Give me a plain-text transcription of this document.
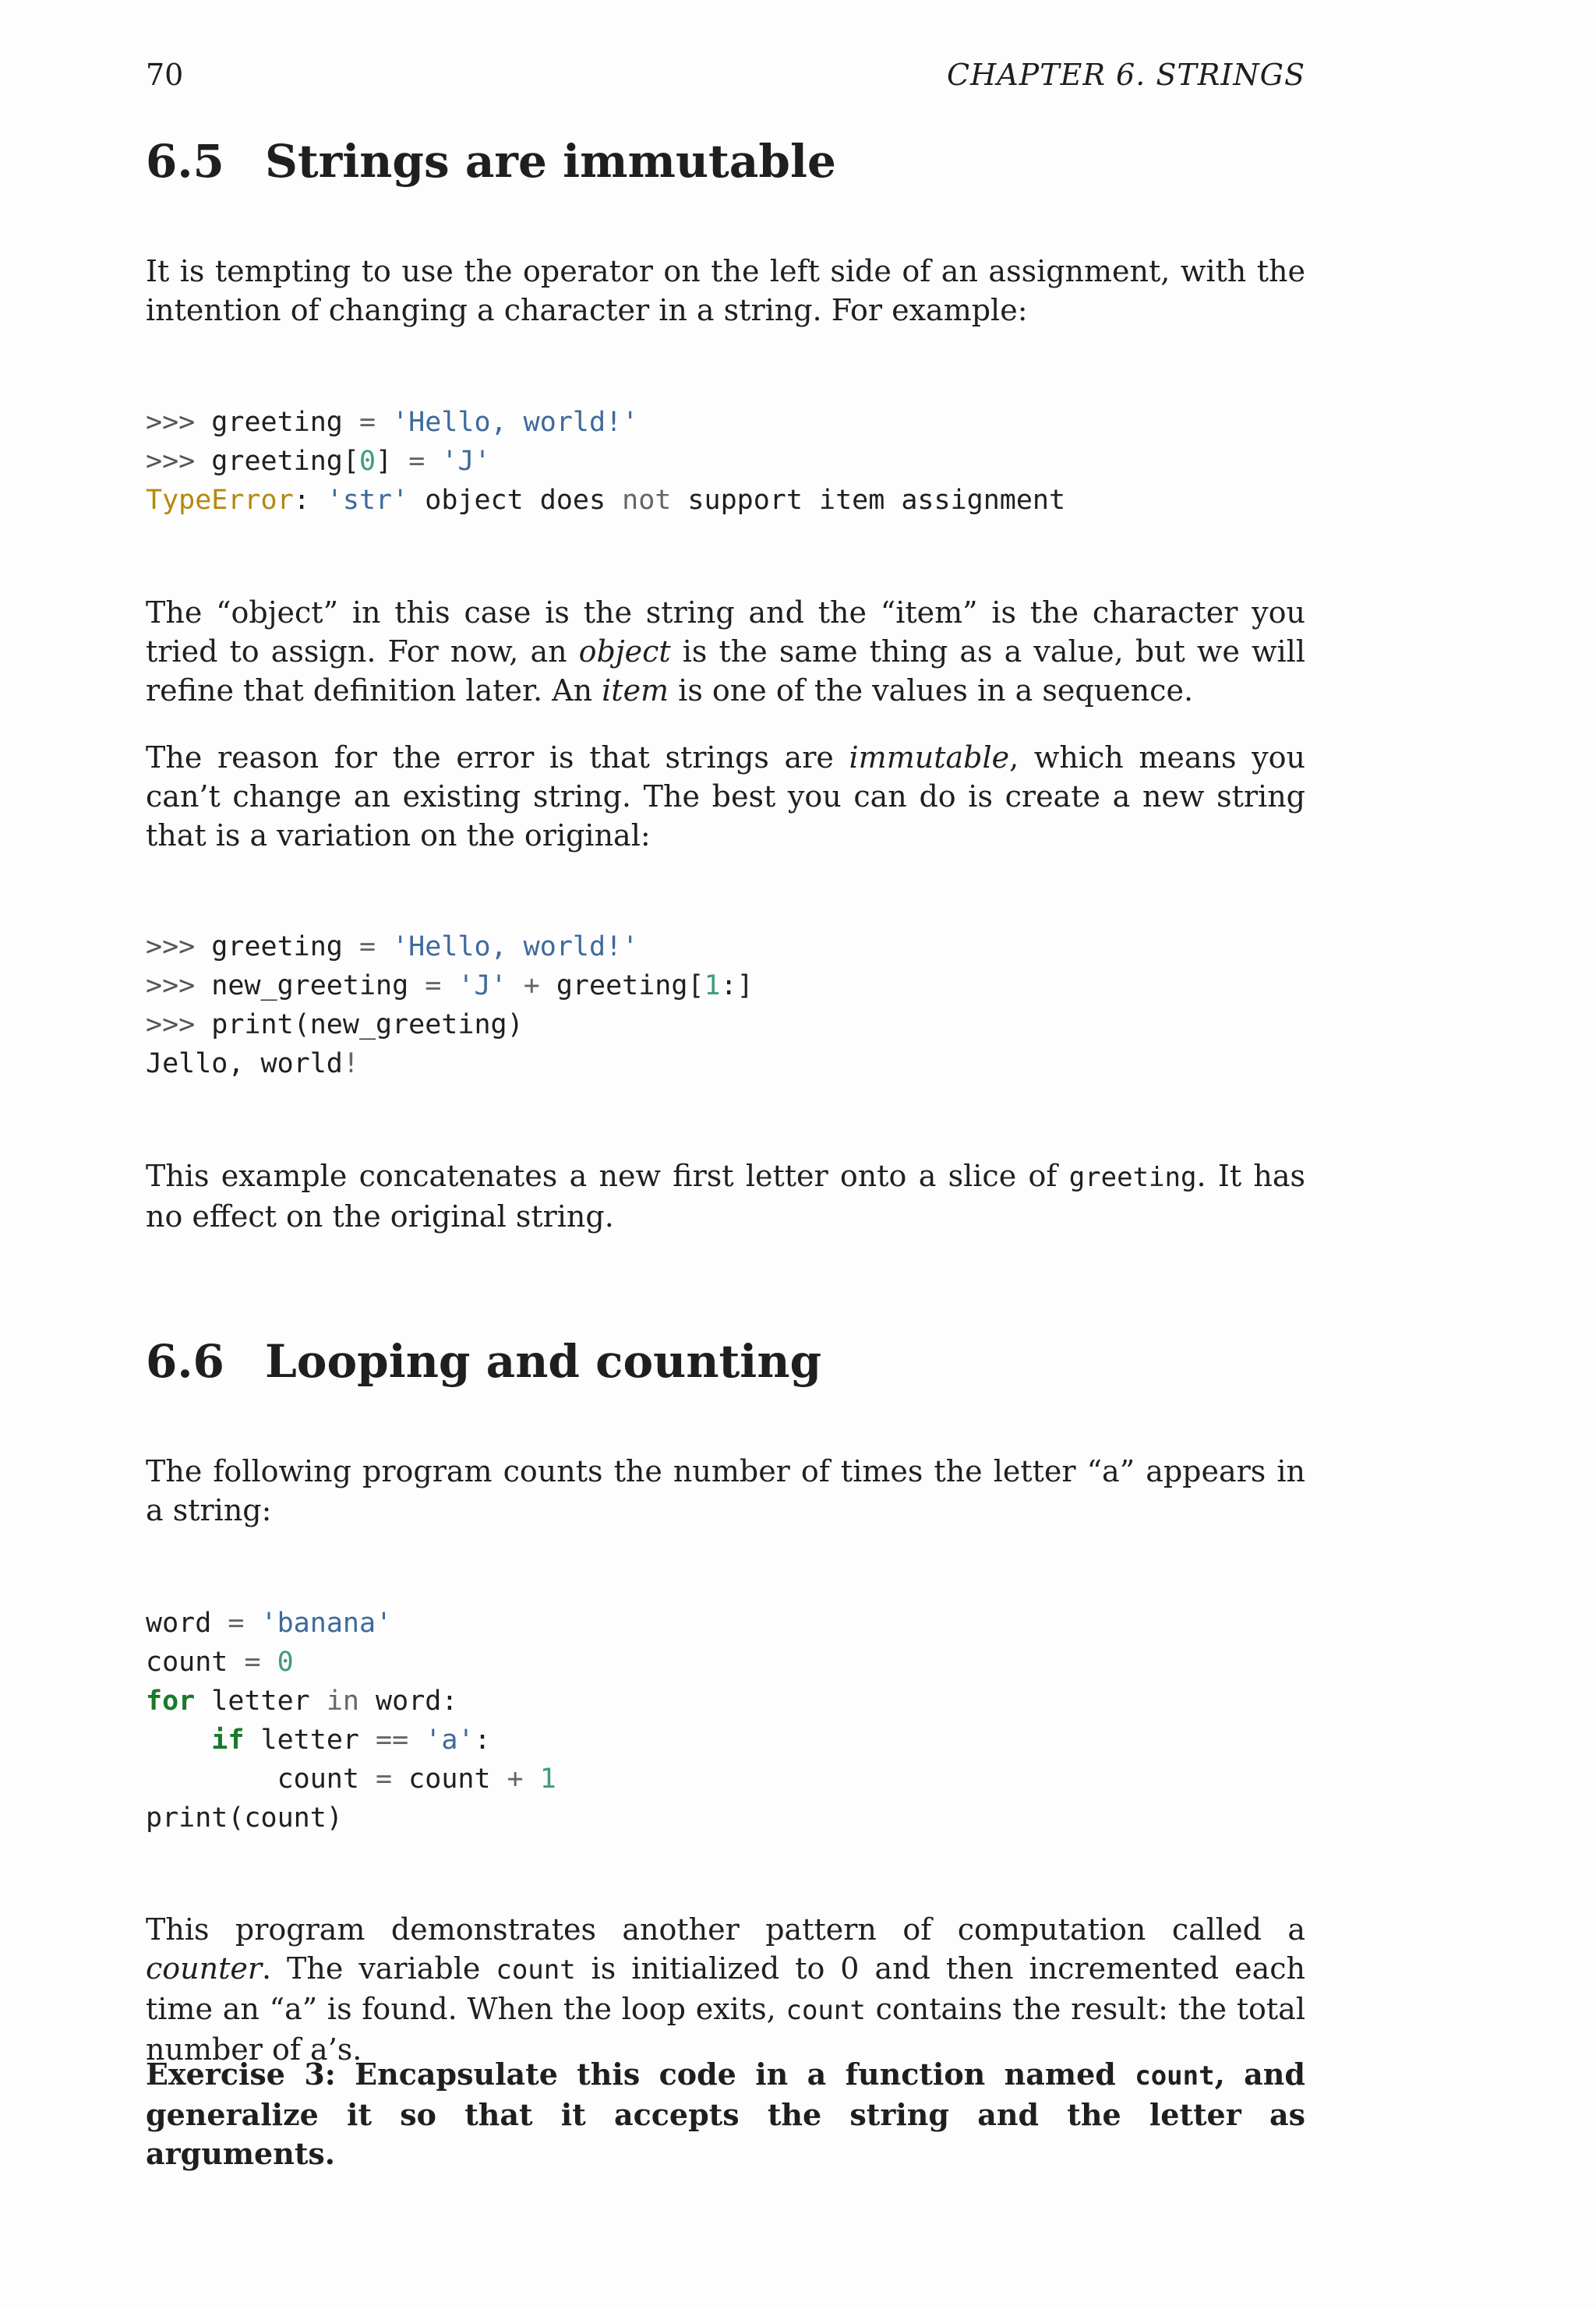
70	CHAPTER 6. STRINGS
6.5 Strings are immutable

It is tempting to use the operator on the left side of an assignment, with the intention of changing a character in a string. For example:

>>> greeting = 'Hello, world!'
>>> greeting[0] = 'J'
TypeError: 'str' object does not support item assignment

The “object” in this case is the string and the “item” is the character you tried to assign. For now, an object is the same thing as a value, but we will refine that definition later. An item is one of the values in a sequence.

The reason for the error is that strings are immutable, which means you can’t change an existing string. The best you can do is create a new string that is a variation on the original:

>>> greeting = 'Hello, world!'
>>> new_greeting = 'J' + greeting[1:]
>>> print(new_greeting)
Jello, world!

This example concatenates a new first letter onto a slice of greeting. It has no effect on the original string.

6.6 Looping and counting

The following program counts the number of times the letter “a” appears in a string:

word = 'banana'
count = 0
for letter in word:
if letter == 'a':
count = count + 1
print(count)

This program demonstrates another pattern of computation called a counter. The variable count is initialized to 0 and then incremented each time an “a” is found. When the loop exits, count contains the result: the total number of a’s.

Exercise 3: Encapsulate this code in a function named count, and generalize it so that it accepts the string and the letter as arguments.
